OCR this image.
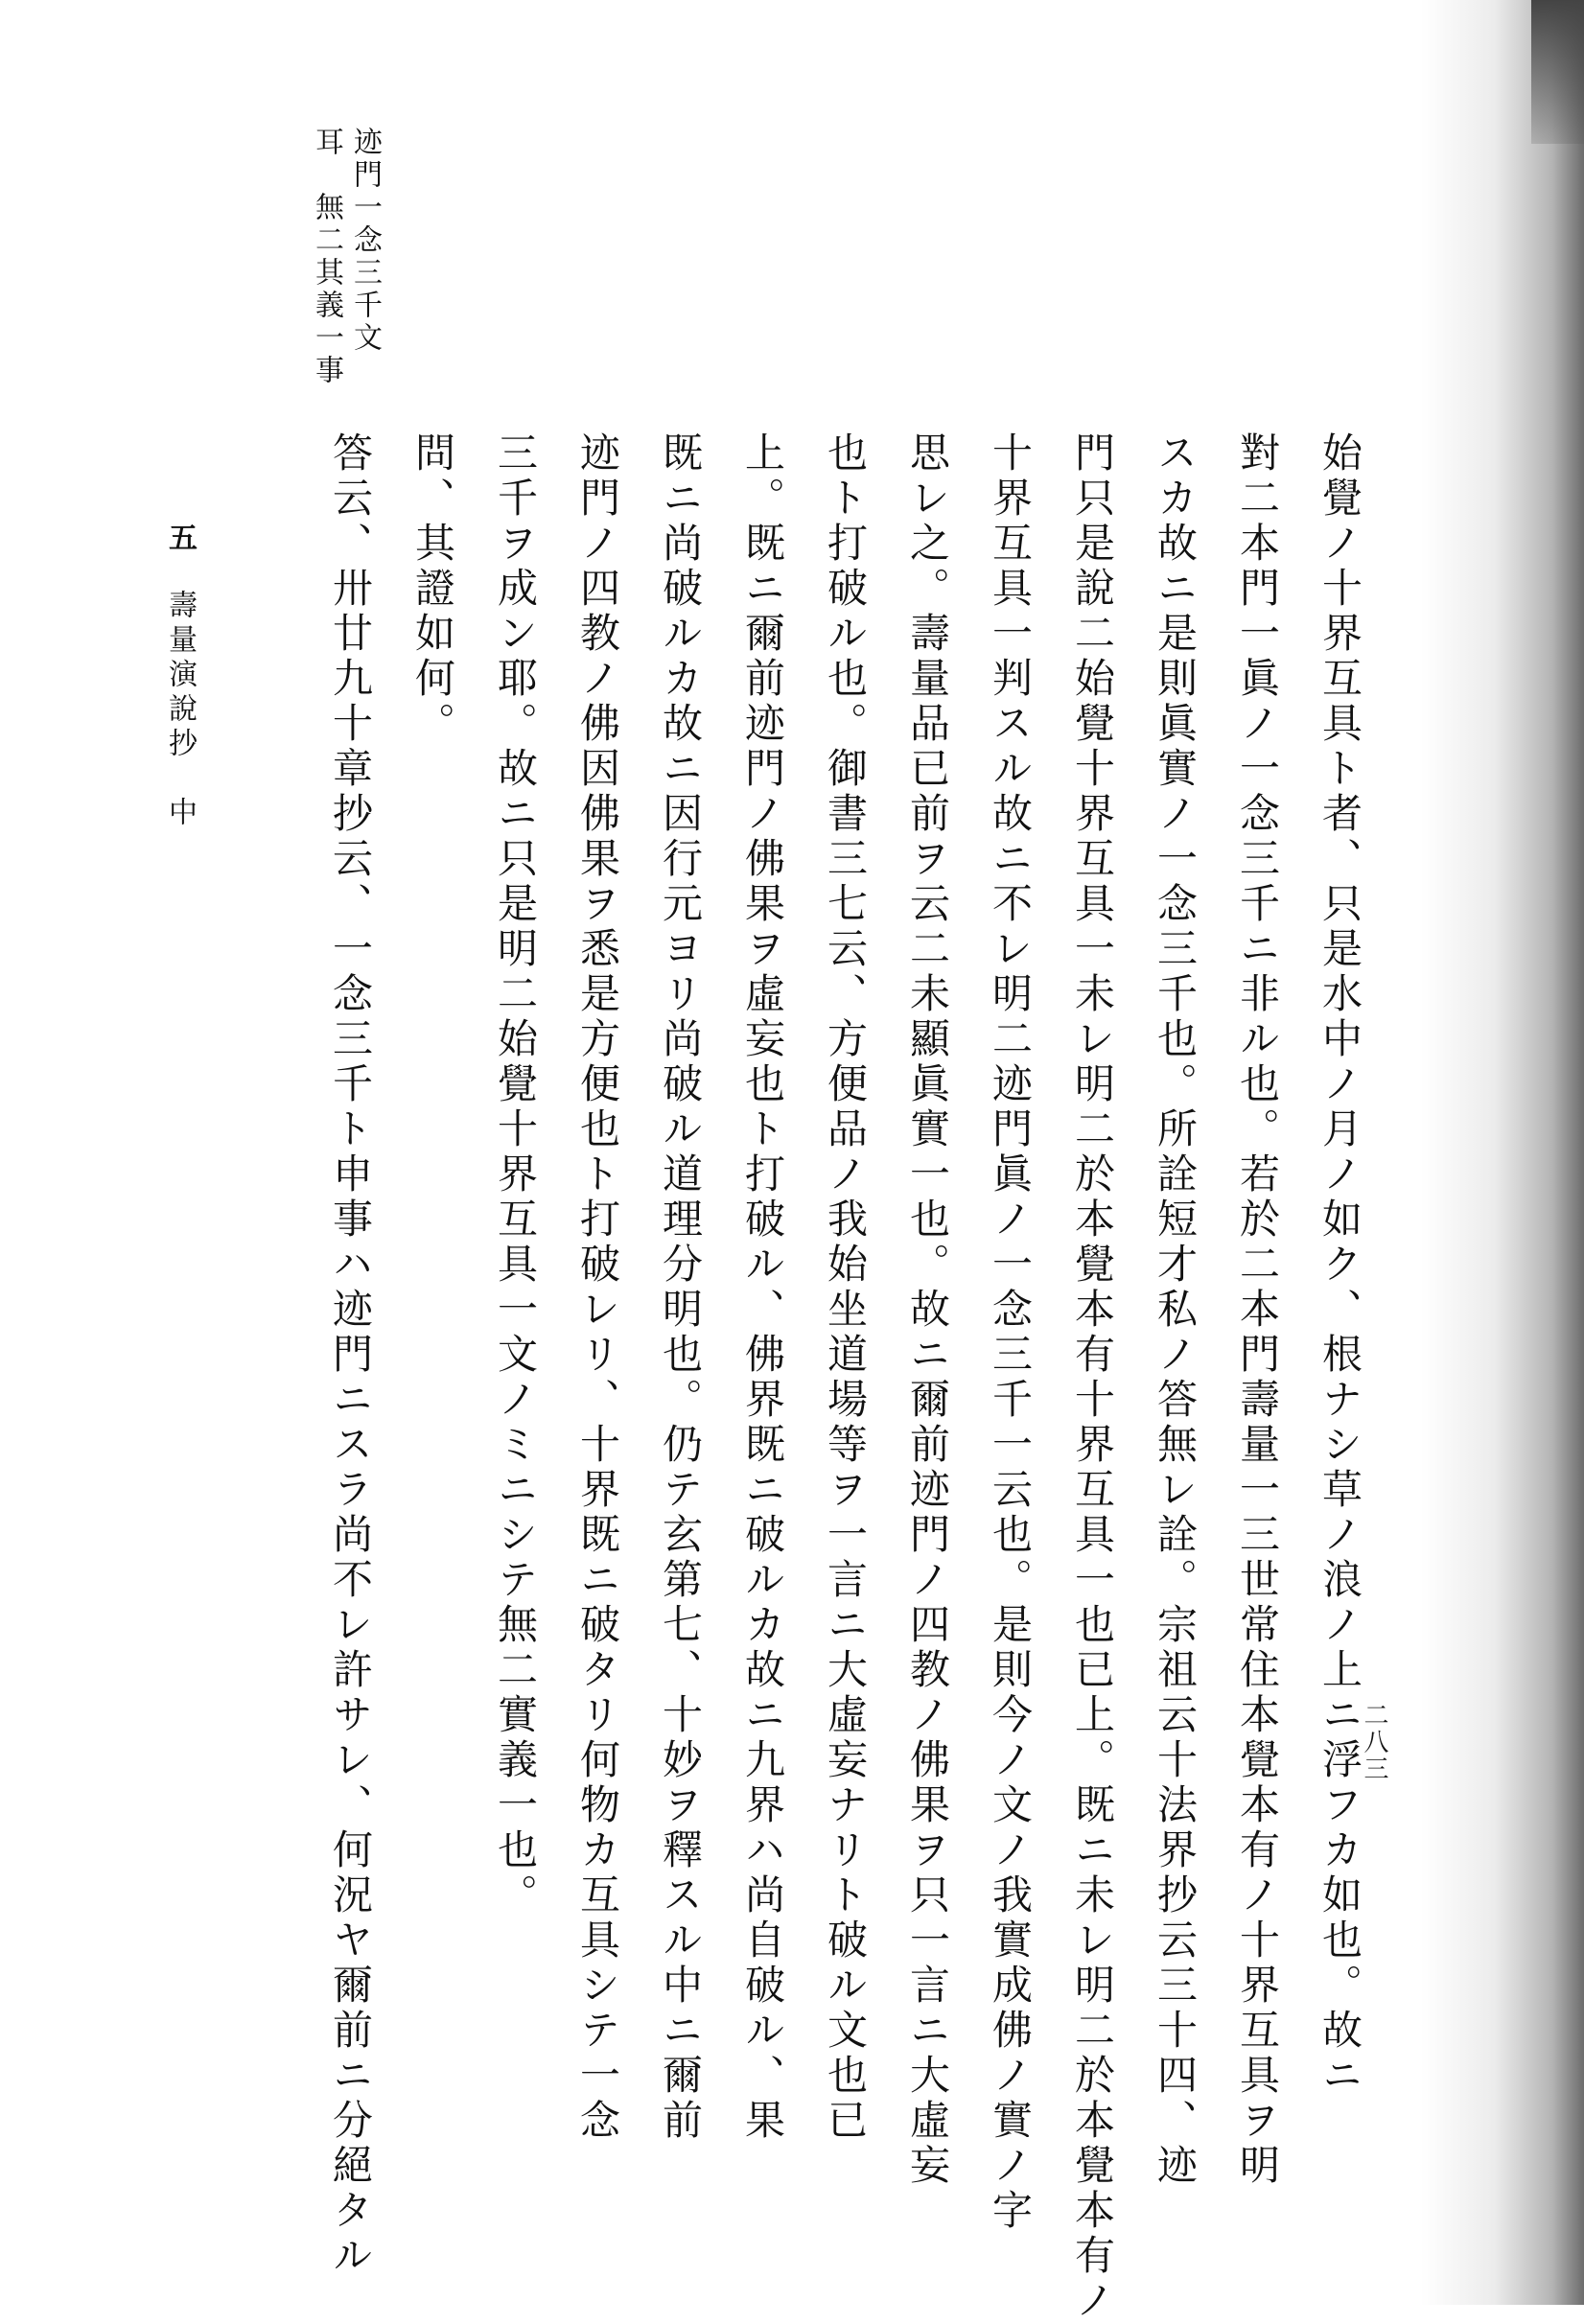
迹門一念三千文
耳　無二其義一事
始覺ノ十界互具ト者、只是水中ノ月ノ如ク、根ナシ草ノ浪ノ上ニ浮フカ如也。故ニ
對二本門一眞ノ一念三千ニ非ル也。若於二本門壽量一三世常住本覺本有ノ十界互具ヲ明
スカ故ニ是則眞實ノ一念三千也。所詮短才私ノ答無レ詮。宗祖云十法界抄云三十四、迹
門只是說二始覺十界互具一未レ明二於本覺本有十界互具一也已上。既ニ未レ明二於本覺本有ノ
十界互具一判スル故ニ不レ明二迹門眞ノ一念三千一云也。是則今ノ文ノ我實成佛ノ實ノ字
思レ之。壽量品已前ヲ云二未顯眞實一也。故ニ爾前迹門ノ四教ノ佛果ヲ只一言ニ大虛妄
也ト打破ル也。御書三七云、方便品ノ我始坐道場等ヲ一言ニ大虛妄ナリト破ル文也已
上。既ニ爾前迹門ノ佛果ヲ虛妄也ト打破ル、佛界既ニ破ルカ故ニ九界ハ尚自破ル、果
既ニ尚破ルカ故ニ因行元ヨリ尚破ル道理分明也。仍テ玄第七、十妙ヲ釋スル中ニ爾前
迹門ノ四教ノ佛因佛果ヲ悉是方便也ト打破レリ、十界既ニ破タリ何物カ互具シテ一念
三千ヲ成ン耶。故ニ只是明二始覺十界互具一文ノミニシテ無二實義一也。
問、其證如何。
答云、卅廿九十章抄云、一念三千ト申事ハ迹門ニスラ尚不レ許サレ、何況ヤ爾前ニ分絕タル
五
壽量演說抄　中
二八三
